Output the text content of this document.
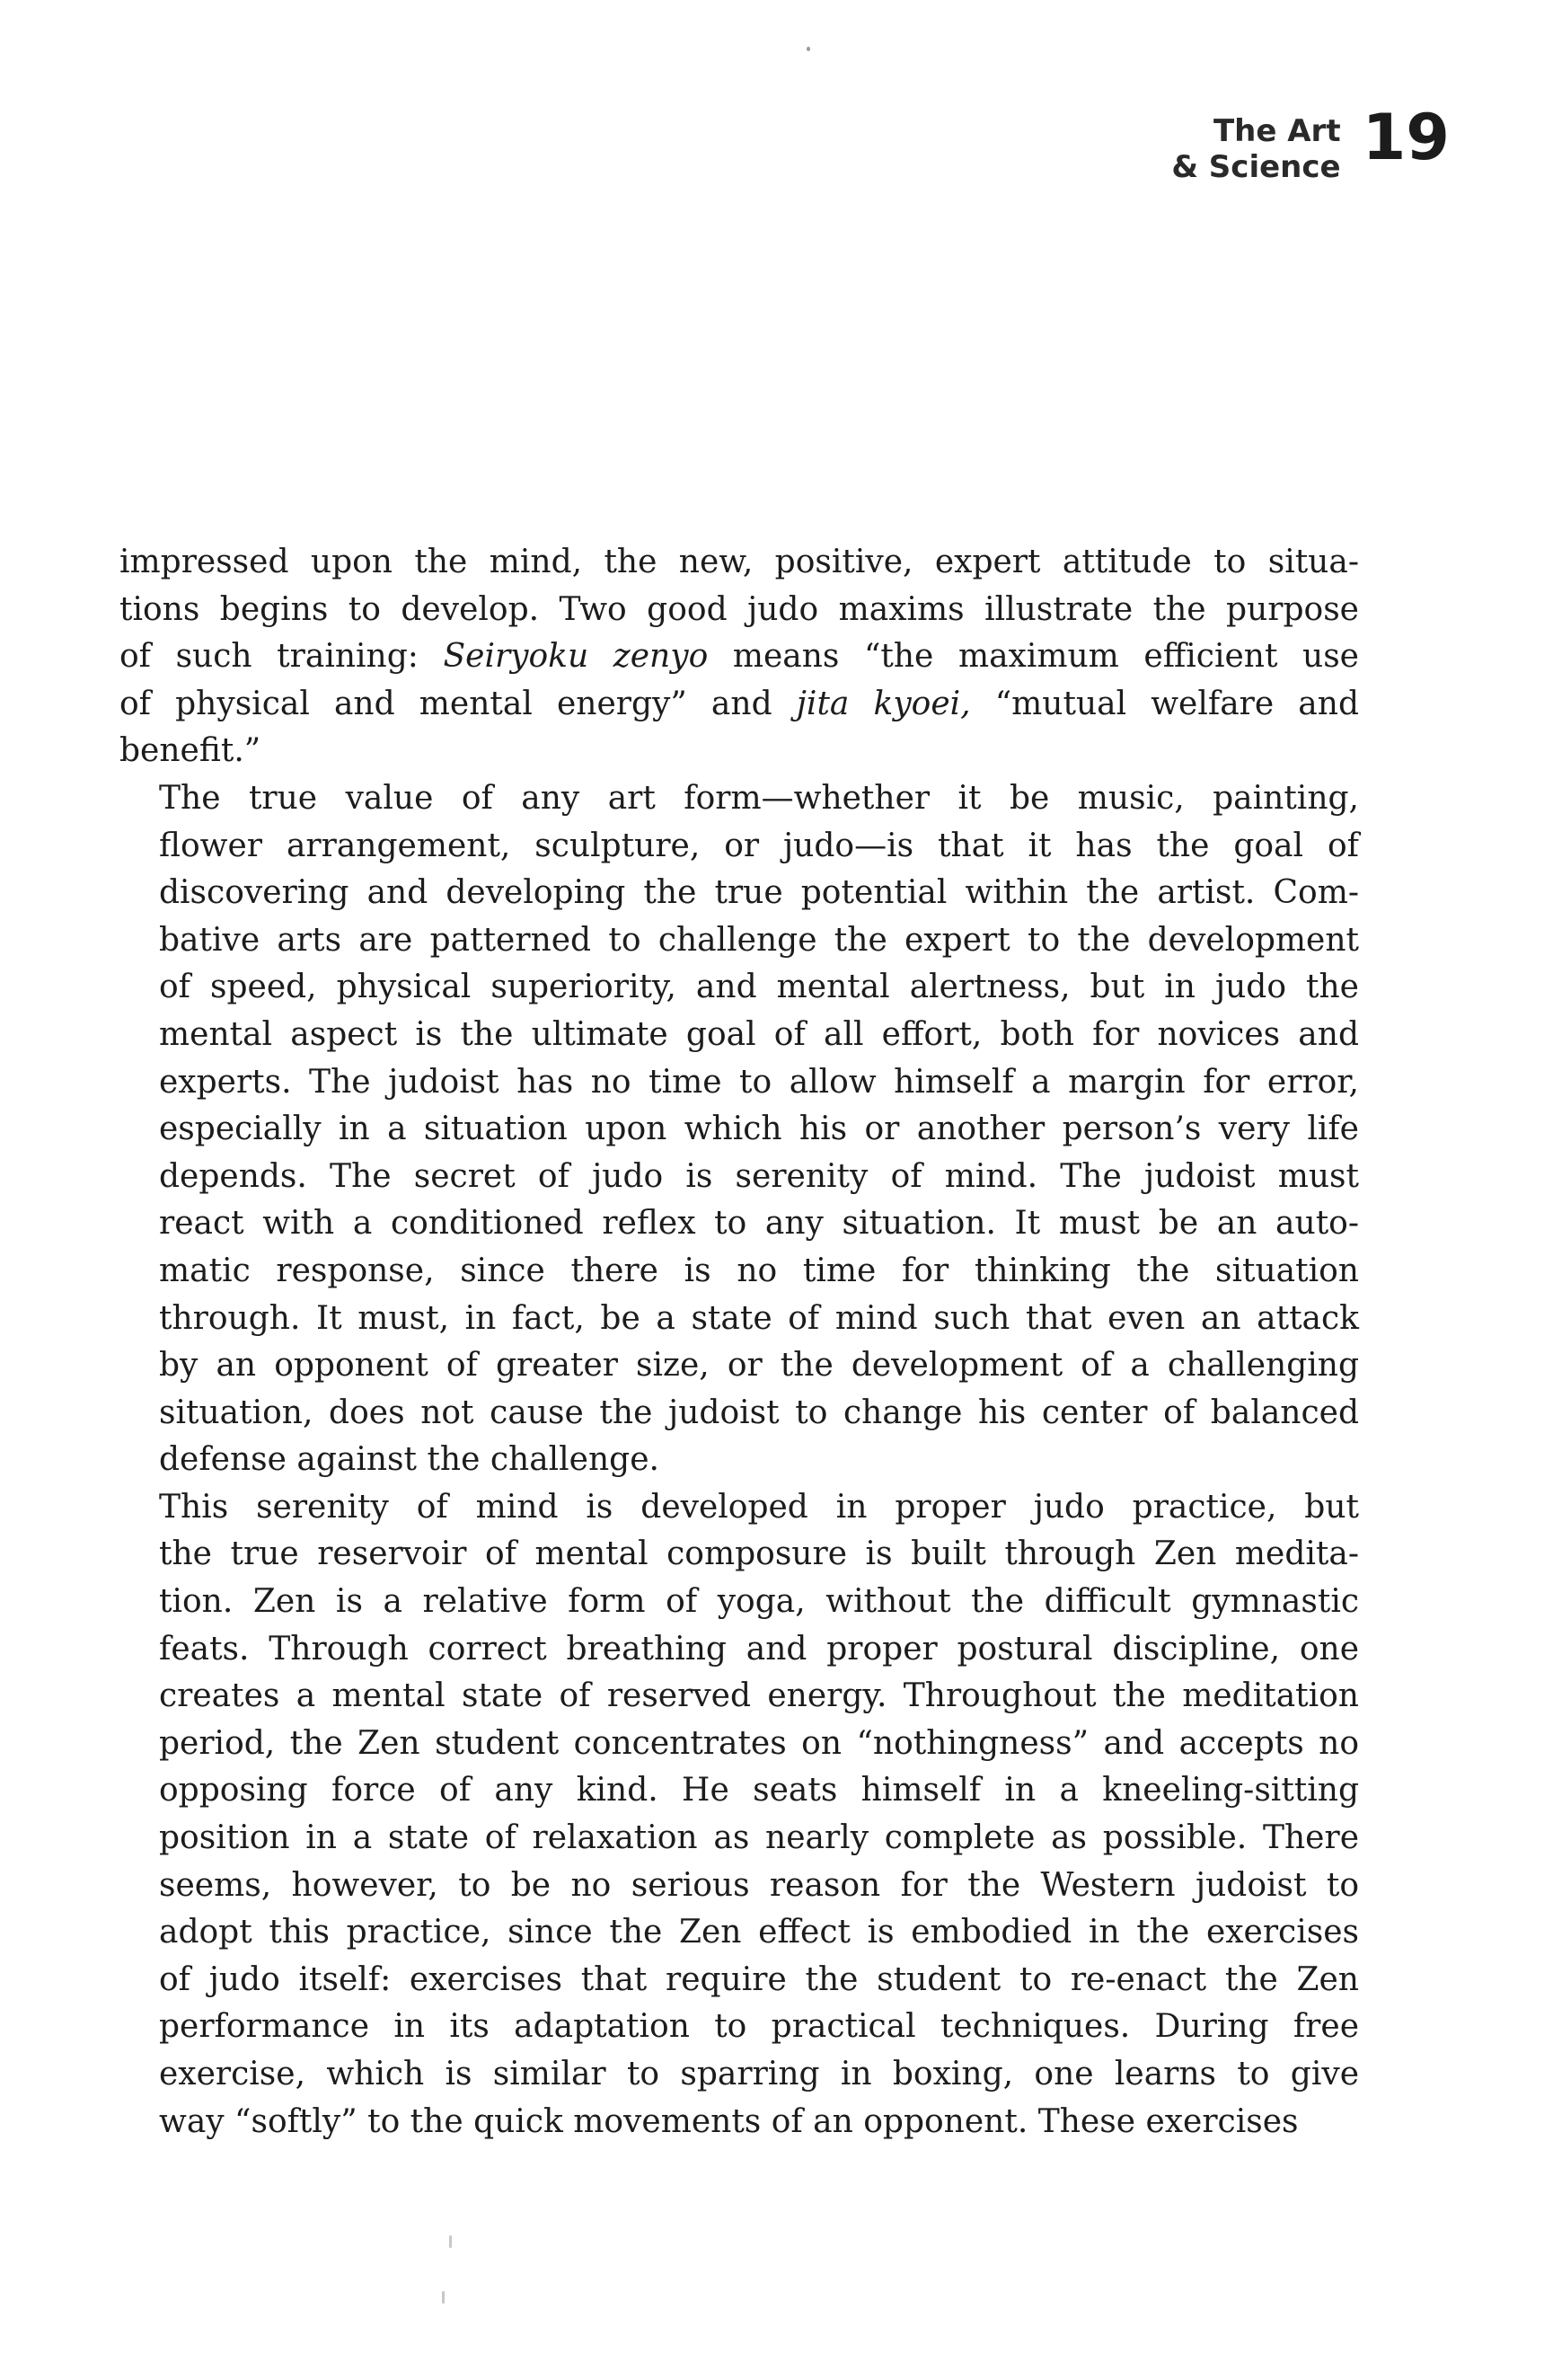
The Art
& Science 19

impressed upon the mind, the new, positive, expert attitude to situa-
tions begins to develop. Two good judo maxims illustrate the purpose
of such training: Seiryoku zenyo means “the maximum efficient use
of physical and mental energy” and jita kyoei, “mutual welfare and
benefit.”

The true value of any art form—whether it be music, painting,
flower arrangement, sculpture, or judo—is that it has the goal of
discovering and developing the true potential within the artist. Com-
bative arts are patterned to challenge the expert to the development
of speed, physical superiority, and mental alertness, but in judo the
mental aspect is the ultimate goal of all effort, both for novices and
experts. The judoist has no time to allow himself a margin for error,
especially in a situation upon which his or another person’s very life
depends. The secret of judo is serenity of mind. The judoist must
react with a conditioned reflex to any situation. It must be an auto-
matic response, since there is no time for thinking the situation
through. It must, in fact, be a state of mind such that even an attack
by an opponent of greater size, or the development of a challenging
situation, does not cause the judoist to change his center of balanced
defense against the challenge.

This serenity of mind is developed in proper judo practice, but
the true reservoir of mental composure is built through Zen medita-
tion. Zen is a relative form of yoga, without the difficult gymnastic
feats. Through correct breathing and proper postural discipline, one
creates a mental state of reserved energy. Throughout the meditation
period, the Zen student concentrates on “nothingness” and accepts no
opposing force of any kind. He seats himself in a kneeling-sitting
position in a state of relaxation as nearly complete as possible. There
seems, however, to be no serious reason for the Western judoist to
adopt this practice, since the Zen effect is embodied in the exercises
of judo itself: exercises that require the student to re-enact the Zen
performance in its adaptation to practical techniques. During free
exercise, which is similar to sparring in boxing, one learns to give
way “softly” to the quick movements of an opponent. These exercises
